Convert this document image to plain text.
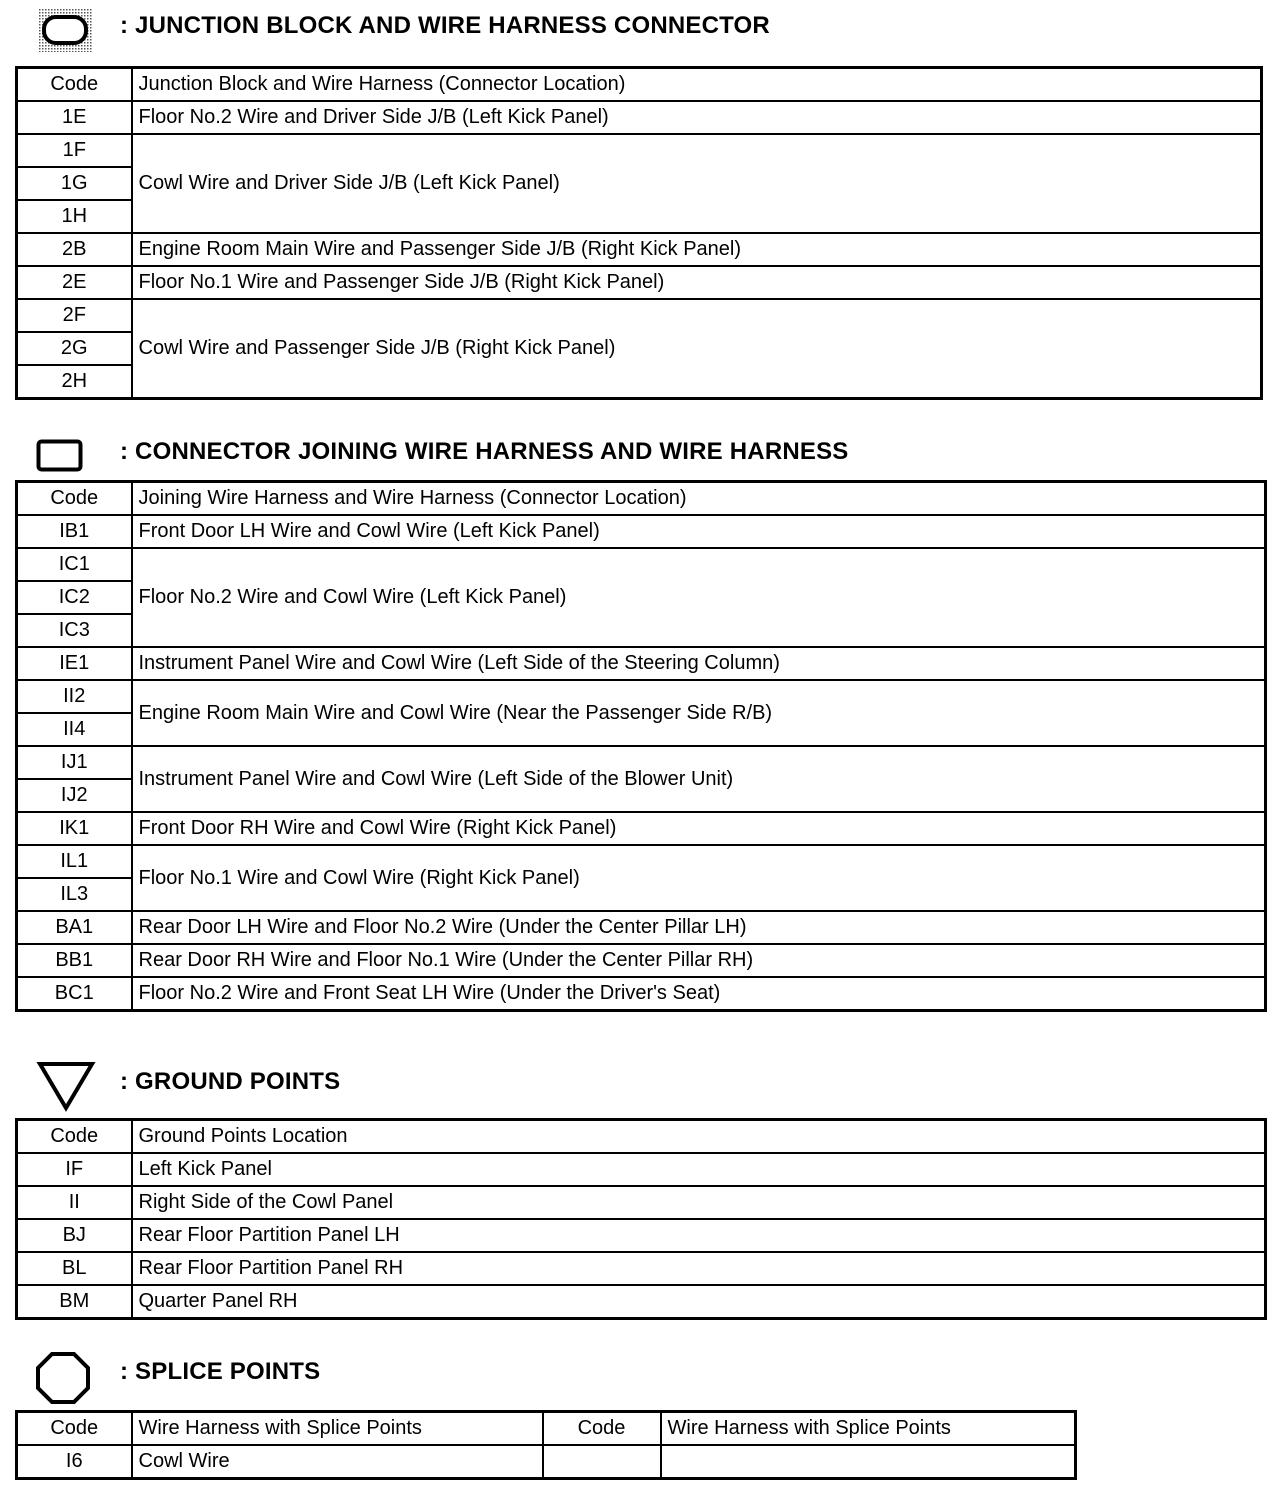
: JUNCTION BLOCK AND WIRE HARNESS CONNECTOR
Code	Junction Block and Wire Harness (Connector Location)
1E	Floor No.2 Wire and Driver Side J/B (Left Kick Panel)
1F	Cowl Wire and Driver Side J/B (Left Kick Panel)
1G	
1H	
2B	Engine Room Main Wire and Passenger Side J/B (Right Kick Panel)
2E	Floor No.1 Wire and Passenger Side J/B (Right Kick Panel)
2F	Cowl Wire and Passenger Side J/B (Right Kick Panel)
2G	
2H	
: CONNECTOR JOINING WIRE HARNESS AND WIRE HARNESS
Code	Joining Wire Harness and Wire Harness (Connector Location)
IB1	Front Door LH Wire and Cowl Wire (Left Kick Panel)
IC1	Floor No.2 Wire and Cowl Wire (Left Kick Panel)
IC2	
IC3	
IE1	Instrument Panel Wire and Cowl Wire (Left Side of the Steering Column)
II2	Engine Room Main Wire and Cowl Wire (Near the Passenger Side R/B)
II4	
IJ1	Instrument Panel Wire and Cowl Wire (Left Side of the Blower Unit)
IJ2	
IK1	Front Door RH Wire and Cowl Wire (Right Kick Panel)
IL1	Floor No.1 Wire and Cowl Wire (Right Kick Panel)
IL3	
BA1	Rear Door LH Wire and Floor No.2 Wire (Under the Center Pillar LH)
BB1	Rear Door RH Wire and Floor No.1 Wire (Under the Center Pillar RH)
BC1	Floor No.2 Wire and Front Seat LH Wire (Under the Driver's Seat)
: GROUND POINTS
Code	Ground Points Location
IF	Left Kick Panel
II	Right Side of the Cowl Panel
BJ	Rear Floor Partition Panel LH
BL	Rear Floor Partition Panel RH
BM	Quarter Panel RH
: SPLICE POINTS
Code	Wire Harness with Splice Points	Code	Wire Harness with Splice Points
I6	Cowl Wire		
